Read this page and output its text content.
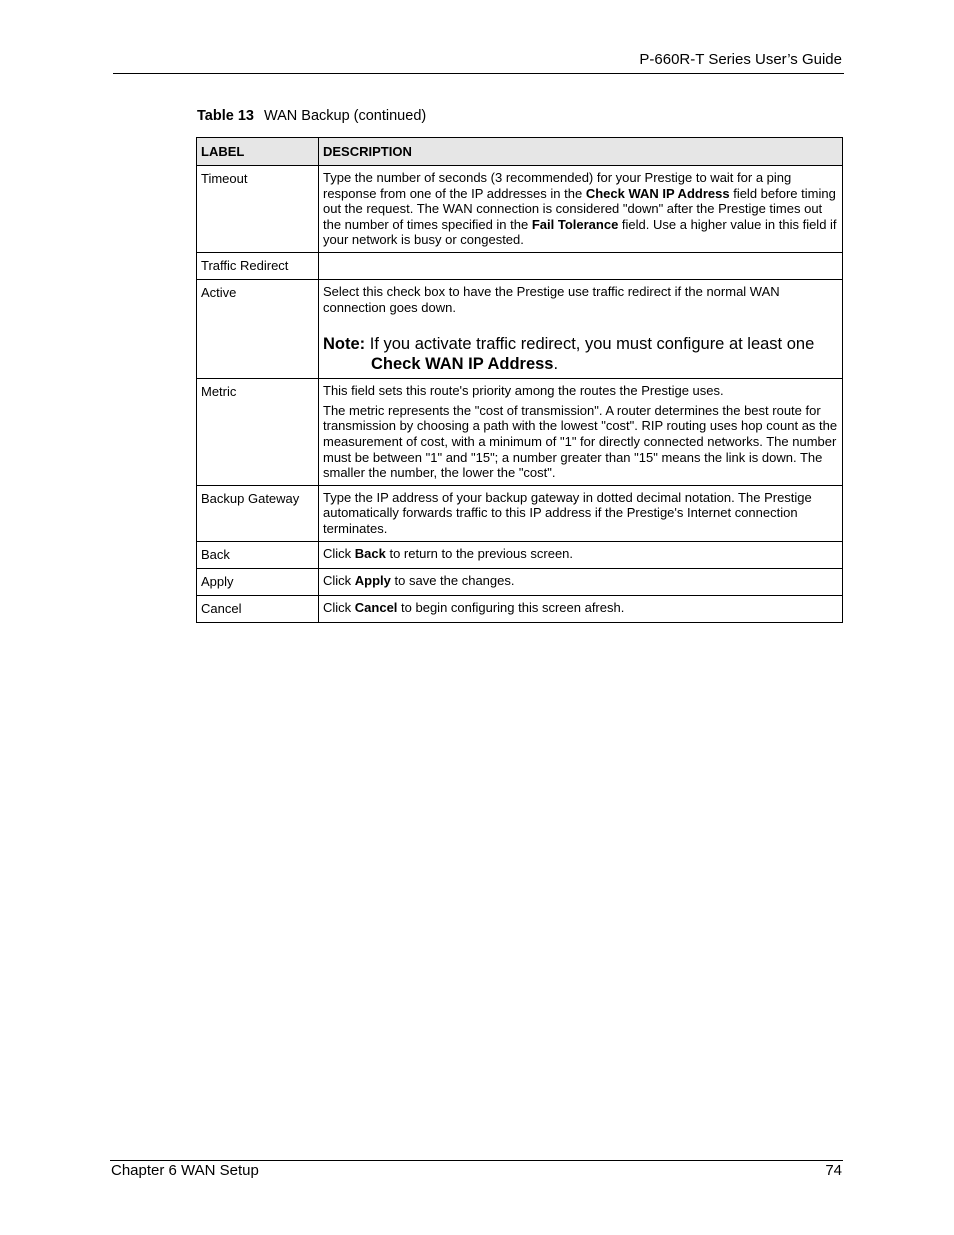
P-660R-T Series User’s Guide
Table 13 WAN Backup (continued)
LABEL	DESCRIPTION
Timeout	Type the number of seconds (3 recommended) for your Prestige to wait for a ping response from one of the IP addresses in the Check WAN IP Address field before timing out the request. The WAN connection is considered "down" after the Prestige times out the number of times specified in the Fail Tolerance field. Use a higher value in this field if your network is busy or congested.
Traffic Redirect	
Active	Select this check box to have the Prestige use traffic redirect if the normal WAN connection goes down.
Note: If you activate traffic redirect, you must configure at least one Check WAN IP Address.

Metric	This field sets this route's priority among the routes the Prestige uses.
The metric represents the "cost of transmission". A router determines the best route for transmission by choosing a path with the lowest "cost". RIP routing uses hop count as the measurement of cost, with a minimum of "1" for directly connected networks. The number must be between "1" and "15"; a number greater than "15" means the link is down. The smaller the number, the lower the "cost".

Backup Gateway	Type the IP address of your backup gateway in dotted decimal notation. The Prestige automatically forwards traffic to this IP address if the Prestige's Internet connection terminates.
Back	Click Back to return to the previous screen.
Apply	Click Apply to save the changes.
Cancel	Click Cancel to begin configuring this screen afresh.
Chapter 6 WAN Setup	74
